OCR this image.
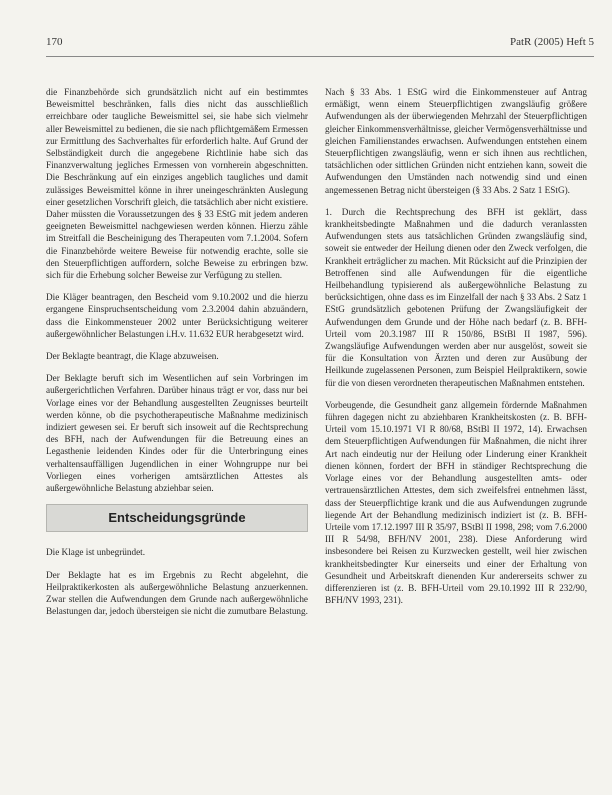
170	PatR (2005) Heft 5

die Finanzbehörde sich grundsätzlich nicht auf ein bestimmtes Beweismittel beschränken, falls dies nicht das ausschließlich erreichbare oder taugliche Beweismittel sei, sie habe sich vielmehr aller Beweismittel zu bedienen, die sie nach pflichtgemäßem Ermessen zur Ermittlung des Sachverhaltes für erforderlich halte. Auf Grund der Selbständigkeit durch die angegebene Richtlinie habe sich das Finanzverwaltung jegliches Ermessen von vornherein abgeschnitten. Die Beschränkung auf ein einziges angeblich taugliches und damit zulässiges Beweismittel könne in ihrer uneingeschränkten Auslegung einer gesetzlichen Vorschrift gleich, die tatsächlich aber nicht existiere. Daher müssten die Voraussetzungen des § 33 EStG mit jedem anderen geeigneten Beweismittel nachgewiesen werden können. Hierzu zähle im Streitfall die Bescheinigung des Therapeuten vom 7.1.2004. Sofern die Finanzbehörde weitere Beweise für notwendig erachte, solle sie den Steuerpflichtigen auffordern, solche Beweise zu erbringen bzw. sich für die Erhebung solcher Beweise zur Verfügung zu stellen.

Die Kläger beantragen, den Bescheid vom 9.10.2002 und die hierzu ergangene Einspruchsentscheidung vom 2.3.2004 dahin abzuändern, dass die Einkommensteuer 2002 unter Berücksichtigung weiterer außergewöhnlicher Belastungen i.H.v. 11.632 EUR herabgesetzt wird.

Der Beklagte beantragt, die Klage abzuweisen.

Der Beklagte beruft sich im Wesentlichen auf sein Vorbringen im außergerichtlichen Verfahren. Darüber hinaus trägt er vor, dass nur bei Vorlage eines vor der Behandlung ausgestellten Zeugnisses beurteilt werden könne, ob die psychotherapeutische Maßnahme medizinisch indiziert gewesen sei. Er beruft sich insoweit auf die Rechtsprechung des BFH, nach der Aufwendungen für die Betreuung eines an Legasthenie leidenden Kindes oder für die Unterbringung eines verhaltensauffälligen Jugendlichen in einer Wohngruppe nur bei Vorliegen eines vorherigen amtsärztlichen Attestes als außergewöhnliche Belastung abziehbar seien.

Entscheidungsgründe

Die Klage ist unbegründet.

Der Beklagte hat es im Ergebnis zu Recht abgelehnt, die Heilpraktikerkosten als außergewöhnliche Belastung anzuerkennen. Zwar stellen die Aufwendungen dem Grunde nach außergewöhnliche Belastungen dar, jedoch übersteigen sie nicht die zumutbare Belastung.

Nach § 33 Abs. 1 EStG wird die Einkommensteuer auf Antrag ermäßigt, wenn einem Steuerpflichtigen zwangsläufig größere Aufwendungen als der überwiegenden Mehrzahl der Steuerpflichtigen gleicher Einkommensverhältnisse, gleicher Vermögensverhältnisse und gleichen Familienstandes erwachsen. Aufwendungen entstehen einem Steuerpflichtigen zwangsläufig, wenn er sich ihnen aus rechtlichen, tatsächlichen oder sittlichen Gründen nicht entziehen kann, soweit die Aufwendungen den Umständen nach notwendig sind und einen angemessenen Betrag nicht übersteigen (§ 33 Abs. 2 Satz 1 EStG).

1. Durch die Rechtsprechung des BFH ist geklärt, dass krankheitsbedingte Maßnahmen und die dadurch veranlassten Aufwendungen stets aus tatsächlichen Gründen zwangsläufig sind, soweit sie entweder der Heilung dienen oder den Zweck verfolgen, die Krankheit erträglicher zu machen. Mit Rücksicht auf die Prinzipien der Betroffenen sind alle Aufwendungen für die eigentliche Heilbehandlung typisierend als außergewöhnliche Belastung zu berücksichtigen, ohne dass es im Einzelfall der nach § 33 Abs. 2 Satz 1 EStG grundsätzlich gebotenen Prüfung der Zwangsläufigkeit der Aufwendungen dem Grunde und der Höhe nach bedarf (z. B. BFH-Urteil vom 20.3.1987 III R 150/86, BStBl II 1987, 596). Zwangsläufige Aufwendungen werden aber nur ausgelöst, soweit sie für die Konsultation von Ärzten und deren zur Ausübung der Heilkunde zugelassenen Personen, zum Beispiel Heilpraktikern, sowie für die von diesen verordneten therapeutischen Maßnahmen entstehen.

Vorbeugende, die Gesundheit ganz allgemein fördernde Maßnahmen führen dagegen nicht zu abziehbaren Krankheitskosten (z. B. BFH-Urteil vom 15.10.1971 VI R 80/68, BStBl II 1972, 14). Erwachsen dem Steuerpflichtigen Aufwendungen für Maßnahmen, die nicht ihrer Art nach eindeutig nur der Heilung oder Linderung einer Krankheit dienen können, fordert der BFH in ständiger Rechtsprechung die Vorlage eines vor der Behandlung ausgestellten amts- oder vertrauensärztlichen Attestes, dem sich zweifelsfrei entnehmen lässt, dass der Steuerpflichtige krank und die aus Aufwendungen zugrunde liegende Art der Behandlung medizinisch indiziert ist (z. B. BFH-Urteile vom 17.12.1997 III R 35/97, BStBl II 1998, 298; vom 7.6.2000 III R 54/98, BFH/NV 2001, 238). Diese Anforderung wird insbesondere bei Reisen zu Kurzwecken gestellt, weil hier zwischen krankheitsbedingter Kur einerseits und einer der Erhaltung von Gesundheit und Arbeitskraft dienenden Kur andererseits schwer zu differenzieren ist (z. B. BFH-Urteil vom 29.10.1992 III R 232/90, BFH/NV 1993, 231).
